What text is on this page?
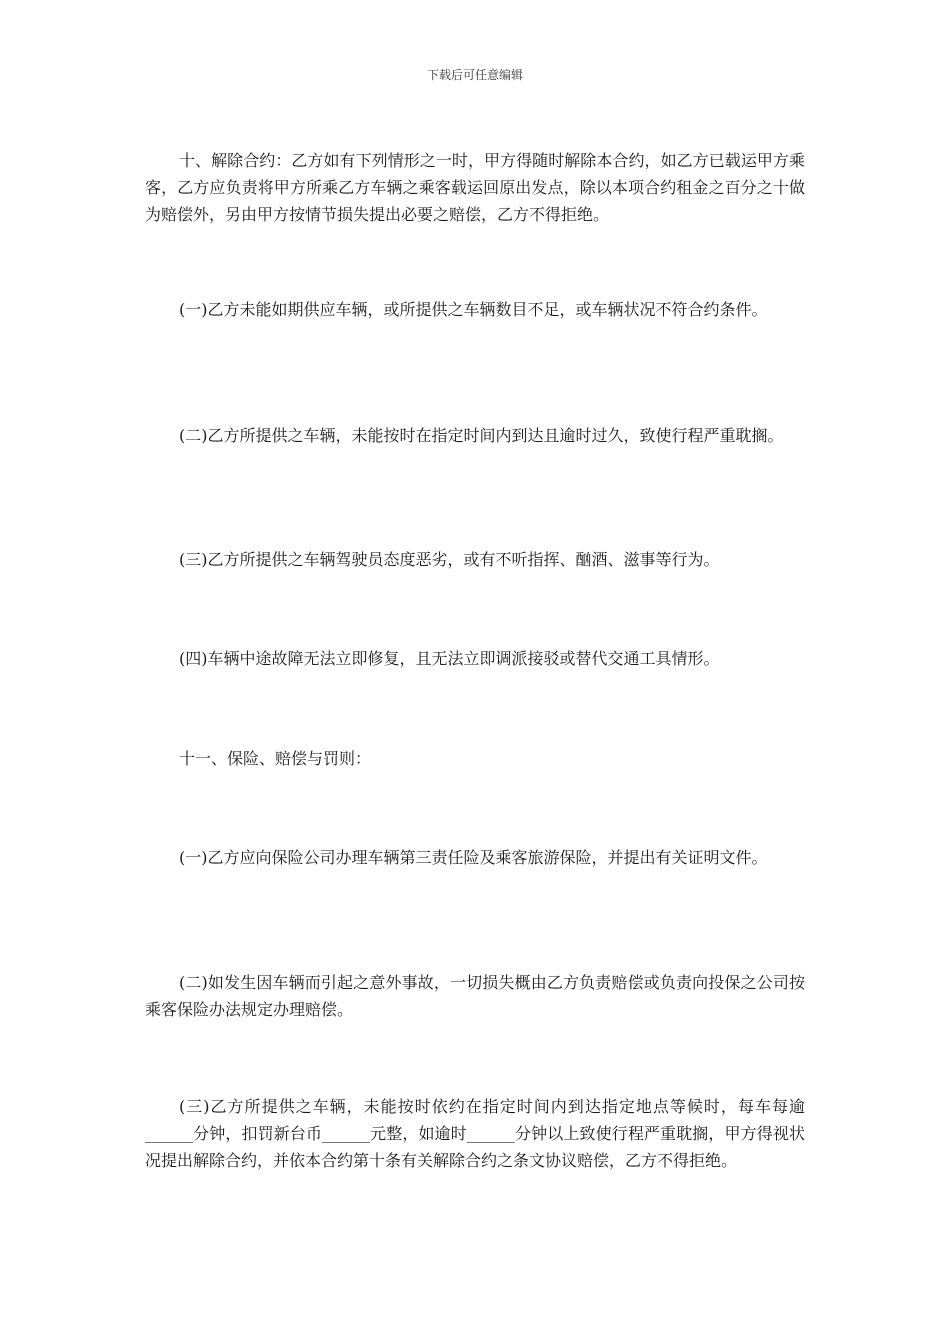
下载后可任意编辑

十、解除合约：乙方如有下列情形之一时，甲方得随时解除本合约，如乙方已载运甲方乘客，乙方应负责将甲方所乘乙方车辆之乘客载运回原出发点，除以本项合约租金之百分之十做为赔偿外，另由甲方按情节损失提出必要之赔偿，乙方不得拒绝。

(一)乙方未能如期供应车辆，或所提供之车辆数目不足，或车辆状况不符合约条件。

(二)乙方所提供之车辆，未能按时在指定时间内到达且逾时过久，致使行程严重耽搁。

(三)乙方所提供之车辆驾驶员态度恶劣，或有不听指挥、酗酒、滋事等行为。

(四)车辆中途故障无法立即修复，且无法立即调派接驳或替代交通工具情形。

十一、保险、赔偿与罚则：

(一)乙方应向保险公司办理车辆第三责任险及乘客旅游保险，并提出有关证明文件。

(二)如发生因车辆而引起之意外事故，一切损失概由乙方负责赔偿或负责向投保之公司按乘客保险办法规定办理赔偿。

(三)乙方所提供之车辆，未能按时依约在指定时间内到达指定地点等候时，每车每逾______分钟，扣罚新台币______元整，如逾时______分钟以上致使行程严重耽搁，甲方得视状况提出解除合约，并依本合约第十条有关解除合约之条文协议赔偿，乙方不得拒绝。
